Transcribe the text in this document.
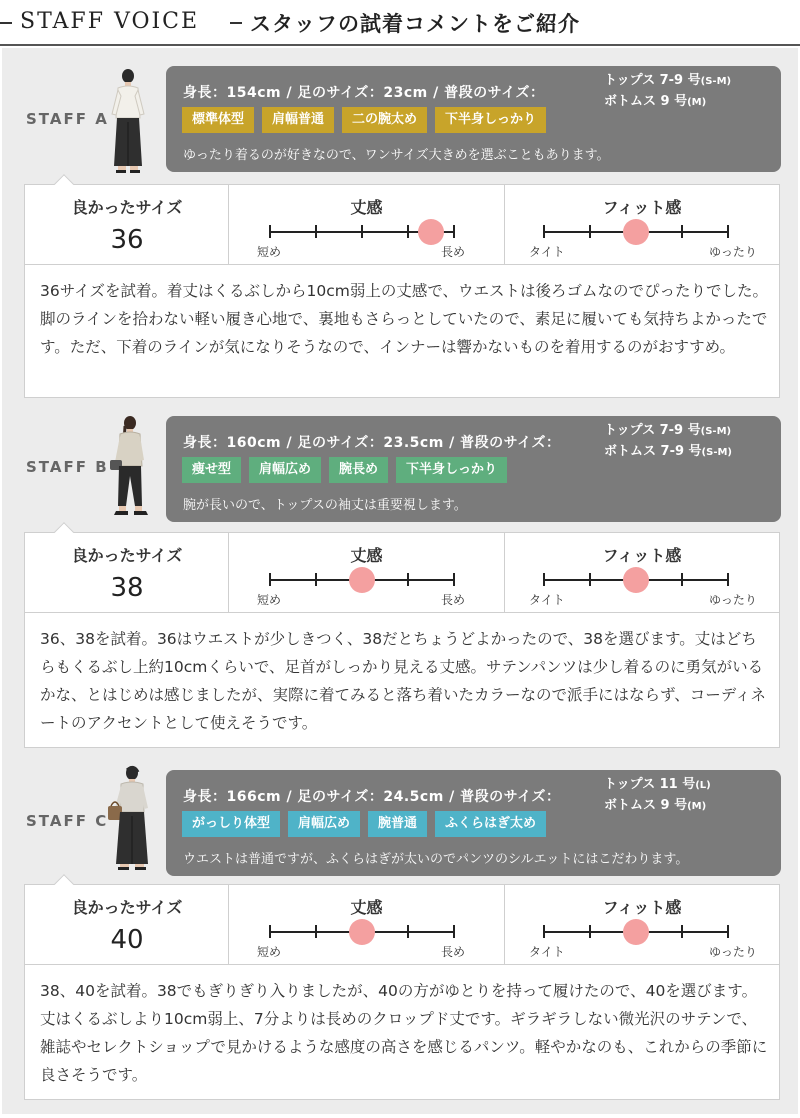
STAFF VOICE スタッフの試着コメントをご紹介
STAFF A
身長：154cm / 足のサイズ：23cm / 普段のサイズ：
トップス 7-9 号(S-M)
ボトムス 9 号(M)
標準体型	肩幅普通	二の腕太め	下半身しっかり
ゆったり着るのが好きなので、ワンサイズ大きめを選ぶこともあります。
良かったサイズ
36
丈感
短め	長め
フィット感
タイト	ゆったり
36サイズを試着。着丈はくるぶしから10cm弱上の丈感で、ウエストは後ろゴムなのでぴったりでした。脚のラインを拾わない軽い履き心地で、裏地もさらっとしていたので、素足に履いても気持ちよかったです。ただ、下着のラインが気になりそうなので、インナーは響かないものを着用するのがおすすめ。
STAFF B
身長：160cm / 足のサイズ：23.5cm / 普段のサイズ：
トップス 7-9 号(S-M)
ボトムス 7-9 号(S-M)
痩せ型	肩幅広め	腕長め	下半身しっかり
腕が長いので、トップスの袖丈は重要視します。
良かったサイズ
38
丈感
短め	長め
フィット感
タイト	ゆったり
36、38を試着。36はウエストが少しきつく、38だとちょうどよかったので、38を選びます。丈はどちらもくるぶし上約10cmくらいで、足首がしっかり見える丈感。サテンパンツは少し着るのに勇気がいるかな、とはじめは感じましたが、実際に着てみると落ち着いたカラーなので派手にはならず、コーディネートのアクセントとして使えそうです。
STAFF C
身長：166cm / 足のサイズ：24.5cm / 普段のサイズ：
トップス 11 号(L)
ボトムス 9 号(M)
がっしり体型	肩幅広め	腕普通	ふくらはぎ太め
ウエストは普通ですが、ふくらはぎが太いのでパンツのシルエットにはこだわります。
良かったサイズ
40
丈感
短め	長め
フィット感
タイト	ゆったり
38、40を試着。38でもぎりぎり入りましたが、40の方がゆとりを持って履けたので、40を選びます。丈はくるぶしより10cm弱上、7分よりは長めのクロップド丈です。ギラギラしない微光沢のサテンで、雑誌やセレクトショップで見かけるような感度の高さを感じるパンツ。軽やかなのも、これからの季節に良さそうです。
